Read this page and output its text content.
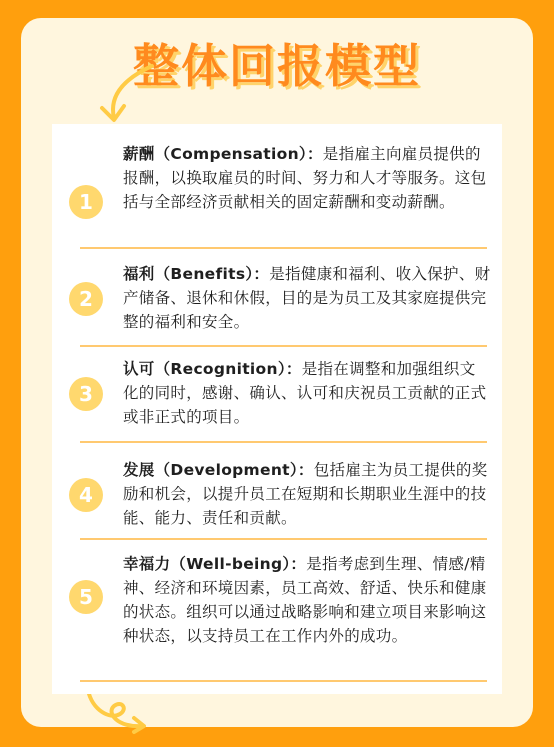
整体回报模型
1
薪酬（Compensation）：是指雇主向雇员提供的报酬，以换取雇员的时间、努力和人才等服务。这包括与全部经济贡献相关的固定薪酬和变动薪酬。
2
福利（Benefits）：是指健康和福利、收入保护、财产储备、退休和休假，目的是为员工及其家庭提供完整的福利和安全。
3
认可（Recognition）：是指在调整和加强组织文化的同时，感谢、确认、认可和庆祝员工贡献的正式或非正式的项目。
4
发展（Development）：包括雇主为员工提供的奖励和机会，以提升员工在短期和长期职业生涯中的技能、能力、责任和贡献。
5
幸福力（Well-being）：是指考虑到生理、情感/精神、经济和环境因素，员工高效、舒适、快乐和健康的状态。组织可以通过战略影响和建立项目来影响这种状态，以支持员工在工作内外的成功。
